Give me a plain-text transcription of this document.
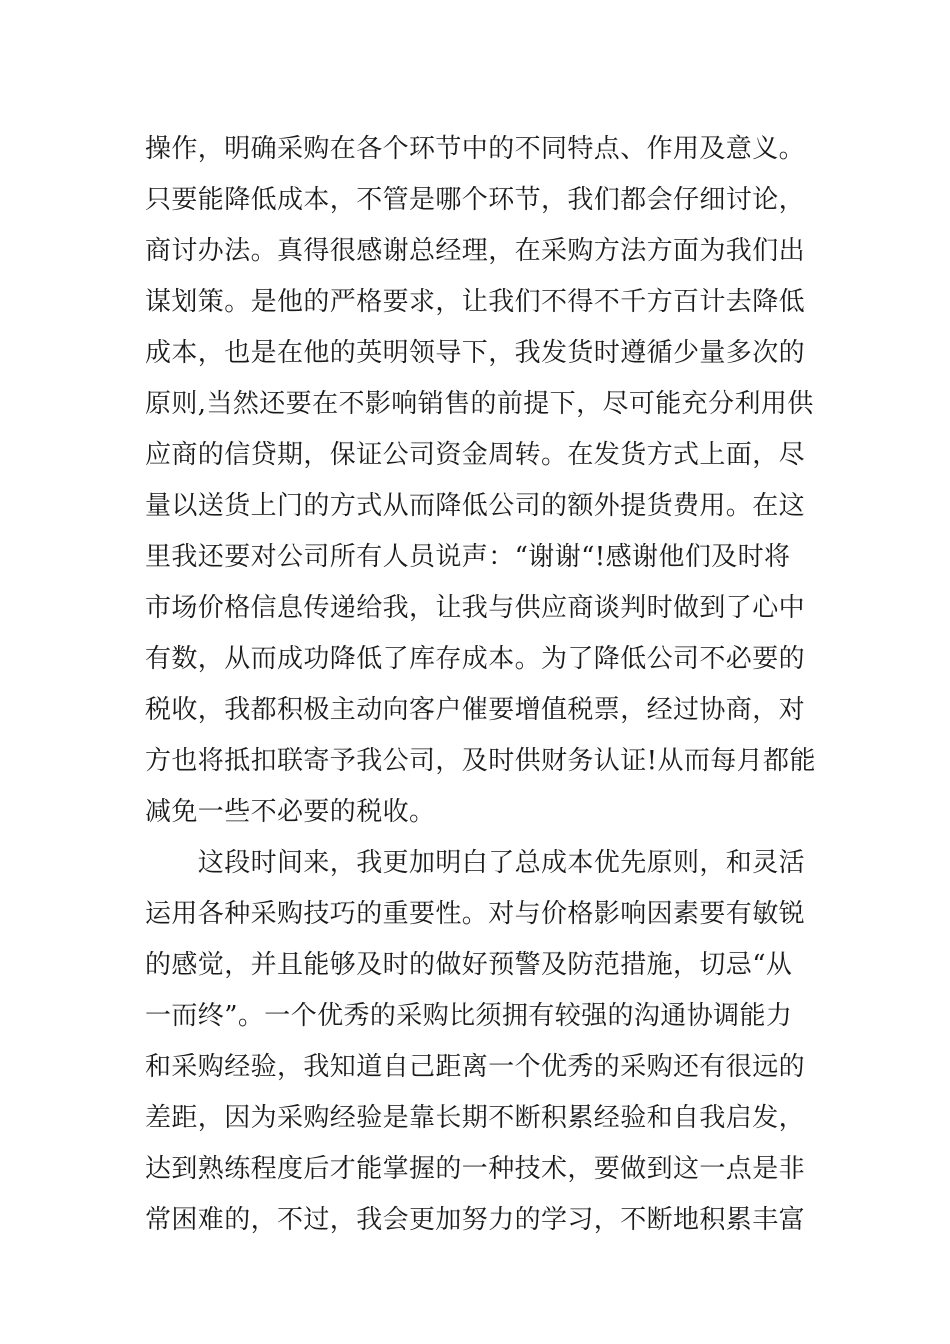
操作，明确采购在各个环节中的不同特点、作用及意义。
只要能降低成本，不管是哪个环节，我们都会仔细讨论，
商讨办法。真得很感谢总经理，在采购方法方面为我们出
谋划策。是他的严格要求，让我们不得不千方百计去降低
成本，也是在他的英明领导下，我发货时遵循少量多次的
原则,当然还要在不影响销售的前提下，尽可能充分利用供
应商的信贷期，保证公司资金周转。在发货方式上面，尽
量以送货上门的方式从而降低公司的额外提货费用。在这
里我还要对公司所有人员说声：“谢谢“!感谢他们及时将
市场价格信息传递给我，让我与供应商谈判时做到了心中
有数，从而成功降低了库存成本。为了降低公司不必要的
税收，我都积极主动向客户催要增值税票，经过协商，对
方也将抵扣联寄予我公司，及时供财务认证!从而每月都能
减免一些不必要的税收。
　　这段时间来，我更加明白了总成本优先原则，和灵活
运用各种采购技巧的重要性。对与价格影响因素要有敏锐
的感觉，并且能够及时的做好预警及防范措施，切忌“从
一而终”。一个优秀的采购比须拥有较强的沟通协调能力
和采购经验，我知道自己距离一个优秀的采购还有很远的
差距，因为采购经验是靠长期不断积累经验和自我启发，
达到熟练程度后才能掌握的一种技术，要做到这一点是非
常困难的，不过，我会更加努力的学习，不断地积累丰富
